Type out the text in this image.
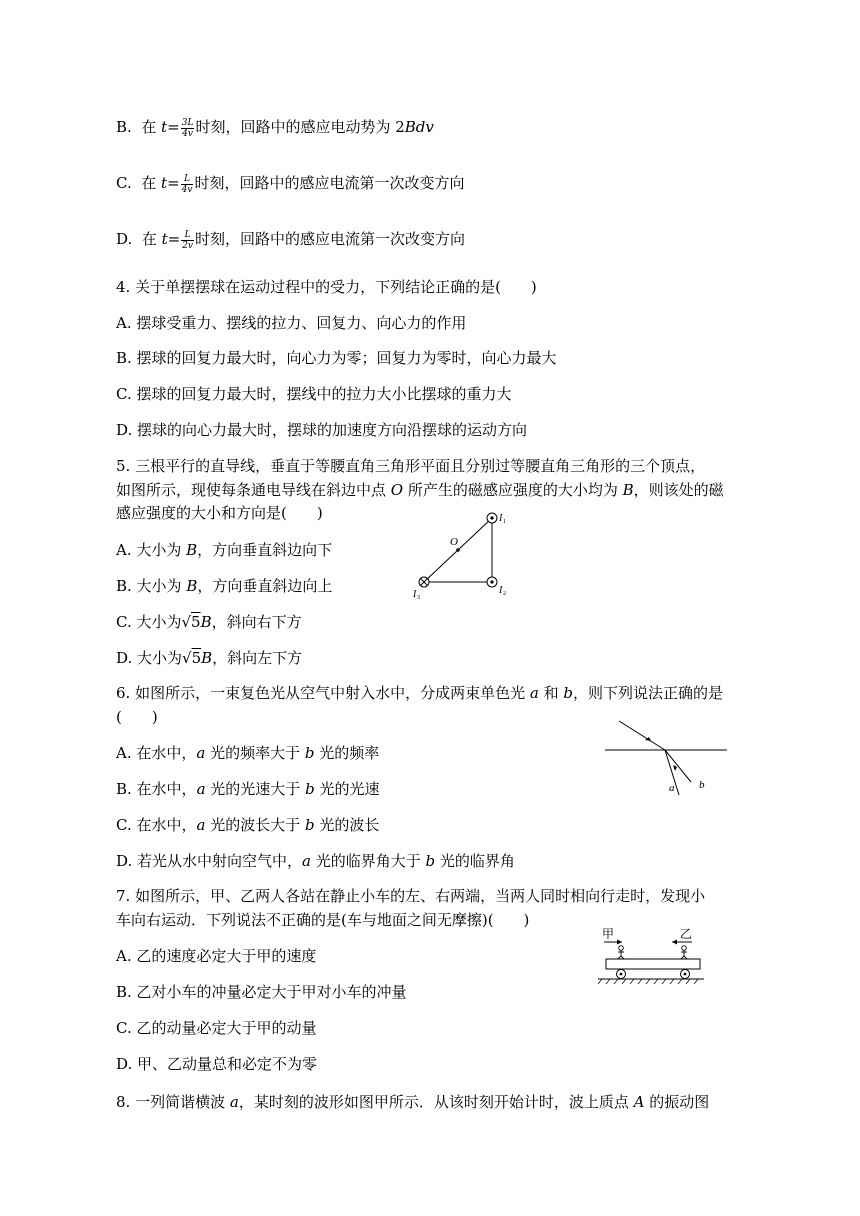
B. 在 $t= \frac{3L}{4v}$ 时刻，回路中的感应电动势为 2Bdv
C. 在 $t= \frac{L}{4v}$ 时刻，回路中的感应电流第一次改变方向
D. 在 $t= \frac{L}{2v}$ 时刻，回路中的感应电流第一次改变方向
4. 关于单摆摆球在运动过程中的受力，下列结论正确的是(　　)
A. 摆球受重力、摆线的拉力、回复力、向心力的作用
B. 摆球的回复力最大时，向心力为零；回复力为零时，向心力最大
C. 摆球的回复力最大时，摆线中的拉力大小比摆球的重力大
D. 摆球的向心力最大时，摆球的加速度方向沿摆球的运动方向
5. 三根平行的直导线，垂直于等腰直角三角形平面且分别过等腰直角三角形的三个顶点，
如图所示，现使每条通电导线在斜边中点 O 所产生的磁感应强度的大小均为 B，则该处的磁
感应强度的大小和方向是(　　)
A. 大小为 B，方向垂直斜边向下
B. 大小为 B，方向垂直斜边向上
C. 大小为√5B，斜向右下方
D. 大小为√5B，斜向左下方
O
I 1
I 2
I 3
6. 如图所示，一束复色光从空气中射入水中，分成两束单色光 a 和 b，则下列说法正确的是
(　　)
A. 在水中，a 光的频率大于 b 光的频率
B. 在水中，a 光的光速大于 b 光的光速
C. 在水中，a 光的波长大于 b 光的波长
D. 若光从水中射向空气中，a 光的临界角大于 b 光的临界角
a b
7. 如图所示，甲、乙两人各站在静止小车的左、右两端，当两人同时相向行走时，发现小
车向右运动．下列说法不正确的是(车与地面之间无摩擦)(　　)
A. 乙的速度必定大于甲的速度
B. 乙对小车的冲量必定大于甲对小车的冲量
C. 乙的动量必定大于甲的动量
D. 甲、乙动量总和必定不为零
甲	乙
8. 一列简谐横波 a，某时刻的波形如图甲所示．从该时刻开始计时，波上质点 A 的振动图
